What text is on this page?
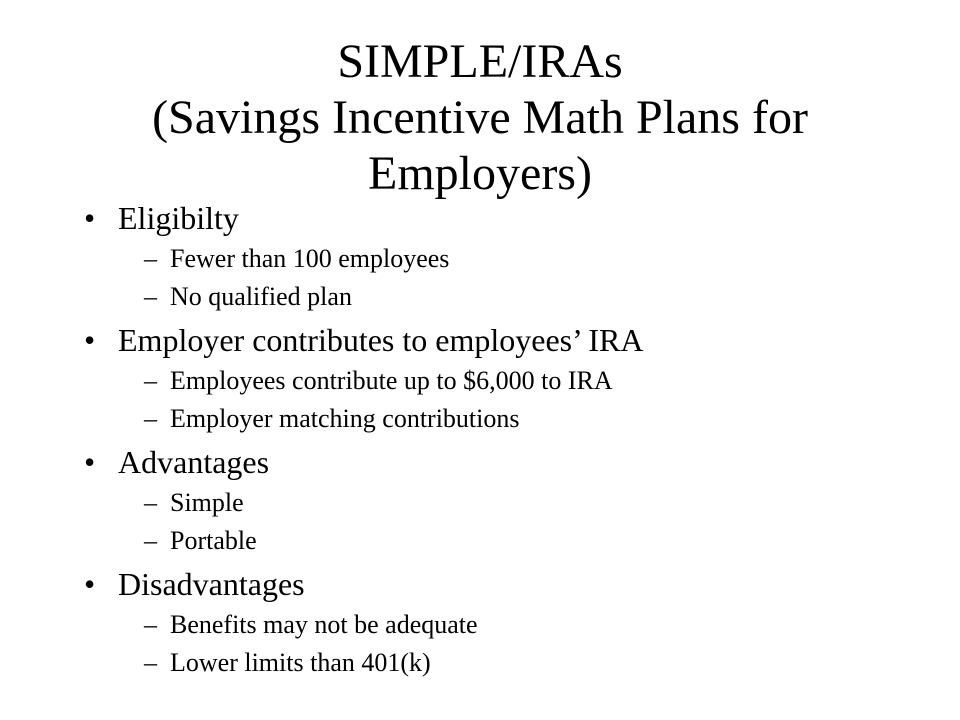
SIMPLE/IRAs
(Savings Incentive Math Plans for
Employers)
• Eligibilty
– Fewer than 100 employees
– No qualified plan
• Employer contributes to employees’ IRA
– Employees contribute up to $6,000 to IRA
– Employer matching contributions
• Advantages
– Simple
– Portable
• Disadvantages
– Benefits may not be adequate
– Lower limits than 401(k)
